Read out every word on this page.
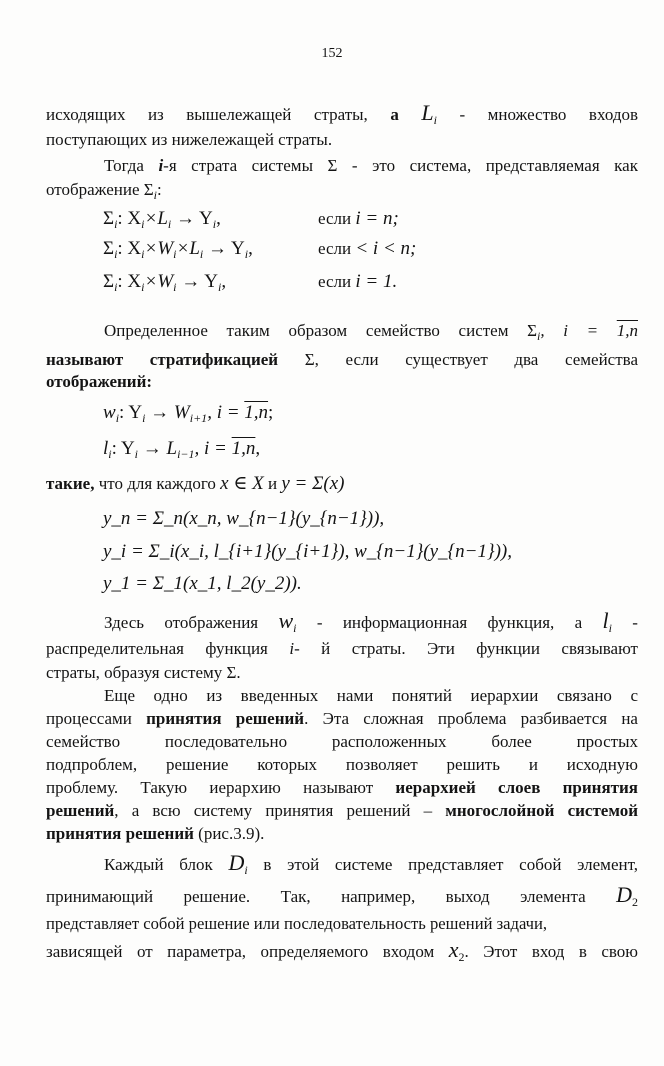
152
исходящих из вышележащей страты, а $L_i$ - множество входов
поступающих из нижележащей страты.
Тогда i-я страта системы Σ - это система, представляемая как
отображение $\Sigma_i$:
$\Sigma_i$: $X_i\times L_i \to Y_i$,	если i = n;
$\Sigma_i$: $X_i\times W_i\times L_i \to Y_i$,	если < i < n;
$\Sigma_i$: $X_i\times W_i \to Y_i$,	если i = 1.
Определенное таким образом семейство систем $\Sigma_i$, i = 1,n
называют стратификацией Σ, если существует два семейства
отображений:
$w_i$: $Y_i \to W_{i+1}$, i = 1,n;
$l_i$: $Y_i \to L_{i-1}$, i = 1,n,
такие, что для каждого x ∈ X и y = Σ(x)
y_n = Σ_n(x_n, w_{n−1}(y_{n−1})),
y_i = Σ_i(x_i, l_{i+1}(y_{i+1}), w_{n−1}(y_{n−1})),
y_1 = Σ_1(x_1, l_2(y_2)).
Здесь отображения $w_i$ - информационная функция, а $l_i$ -
распределительная функция i- й страты. Эти функции связывают
страты, образуя систему Σ.
Еще одно из введенных нами понятий иерархии связано с
процессами принятия решений. Эта сложная проблема разбивается на
семейство последовательно расположенных более простых
подпроблем, решение которых позволяет решить и исходную
проблему. Такую иерархию называют иерархией слоев принятия
решений, а всю систему принятия решений – многослойной системой
принятия решений (рис.3.9).
Каждый блок $D_i$ в этой системе представляет собой элемент,
принимающий решение. Так, например, выход элемента $D_2$
представляет собой решение или последовательность решений задачи,
зависящей от параметра, определяемого входом $x_2$. Этот вход в свою
